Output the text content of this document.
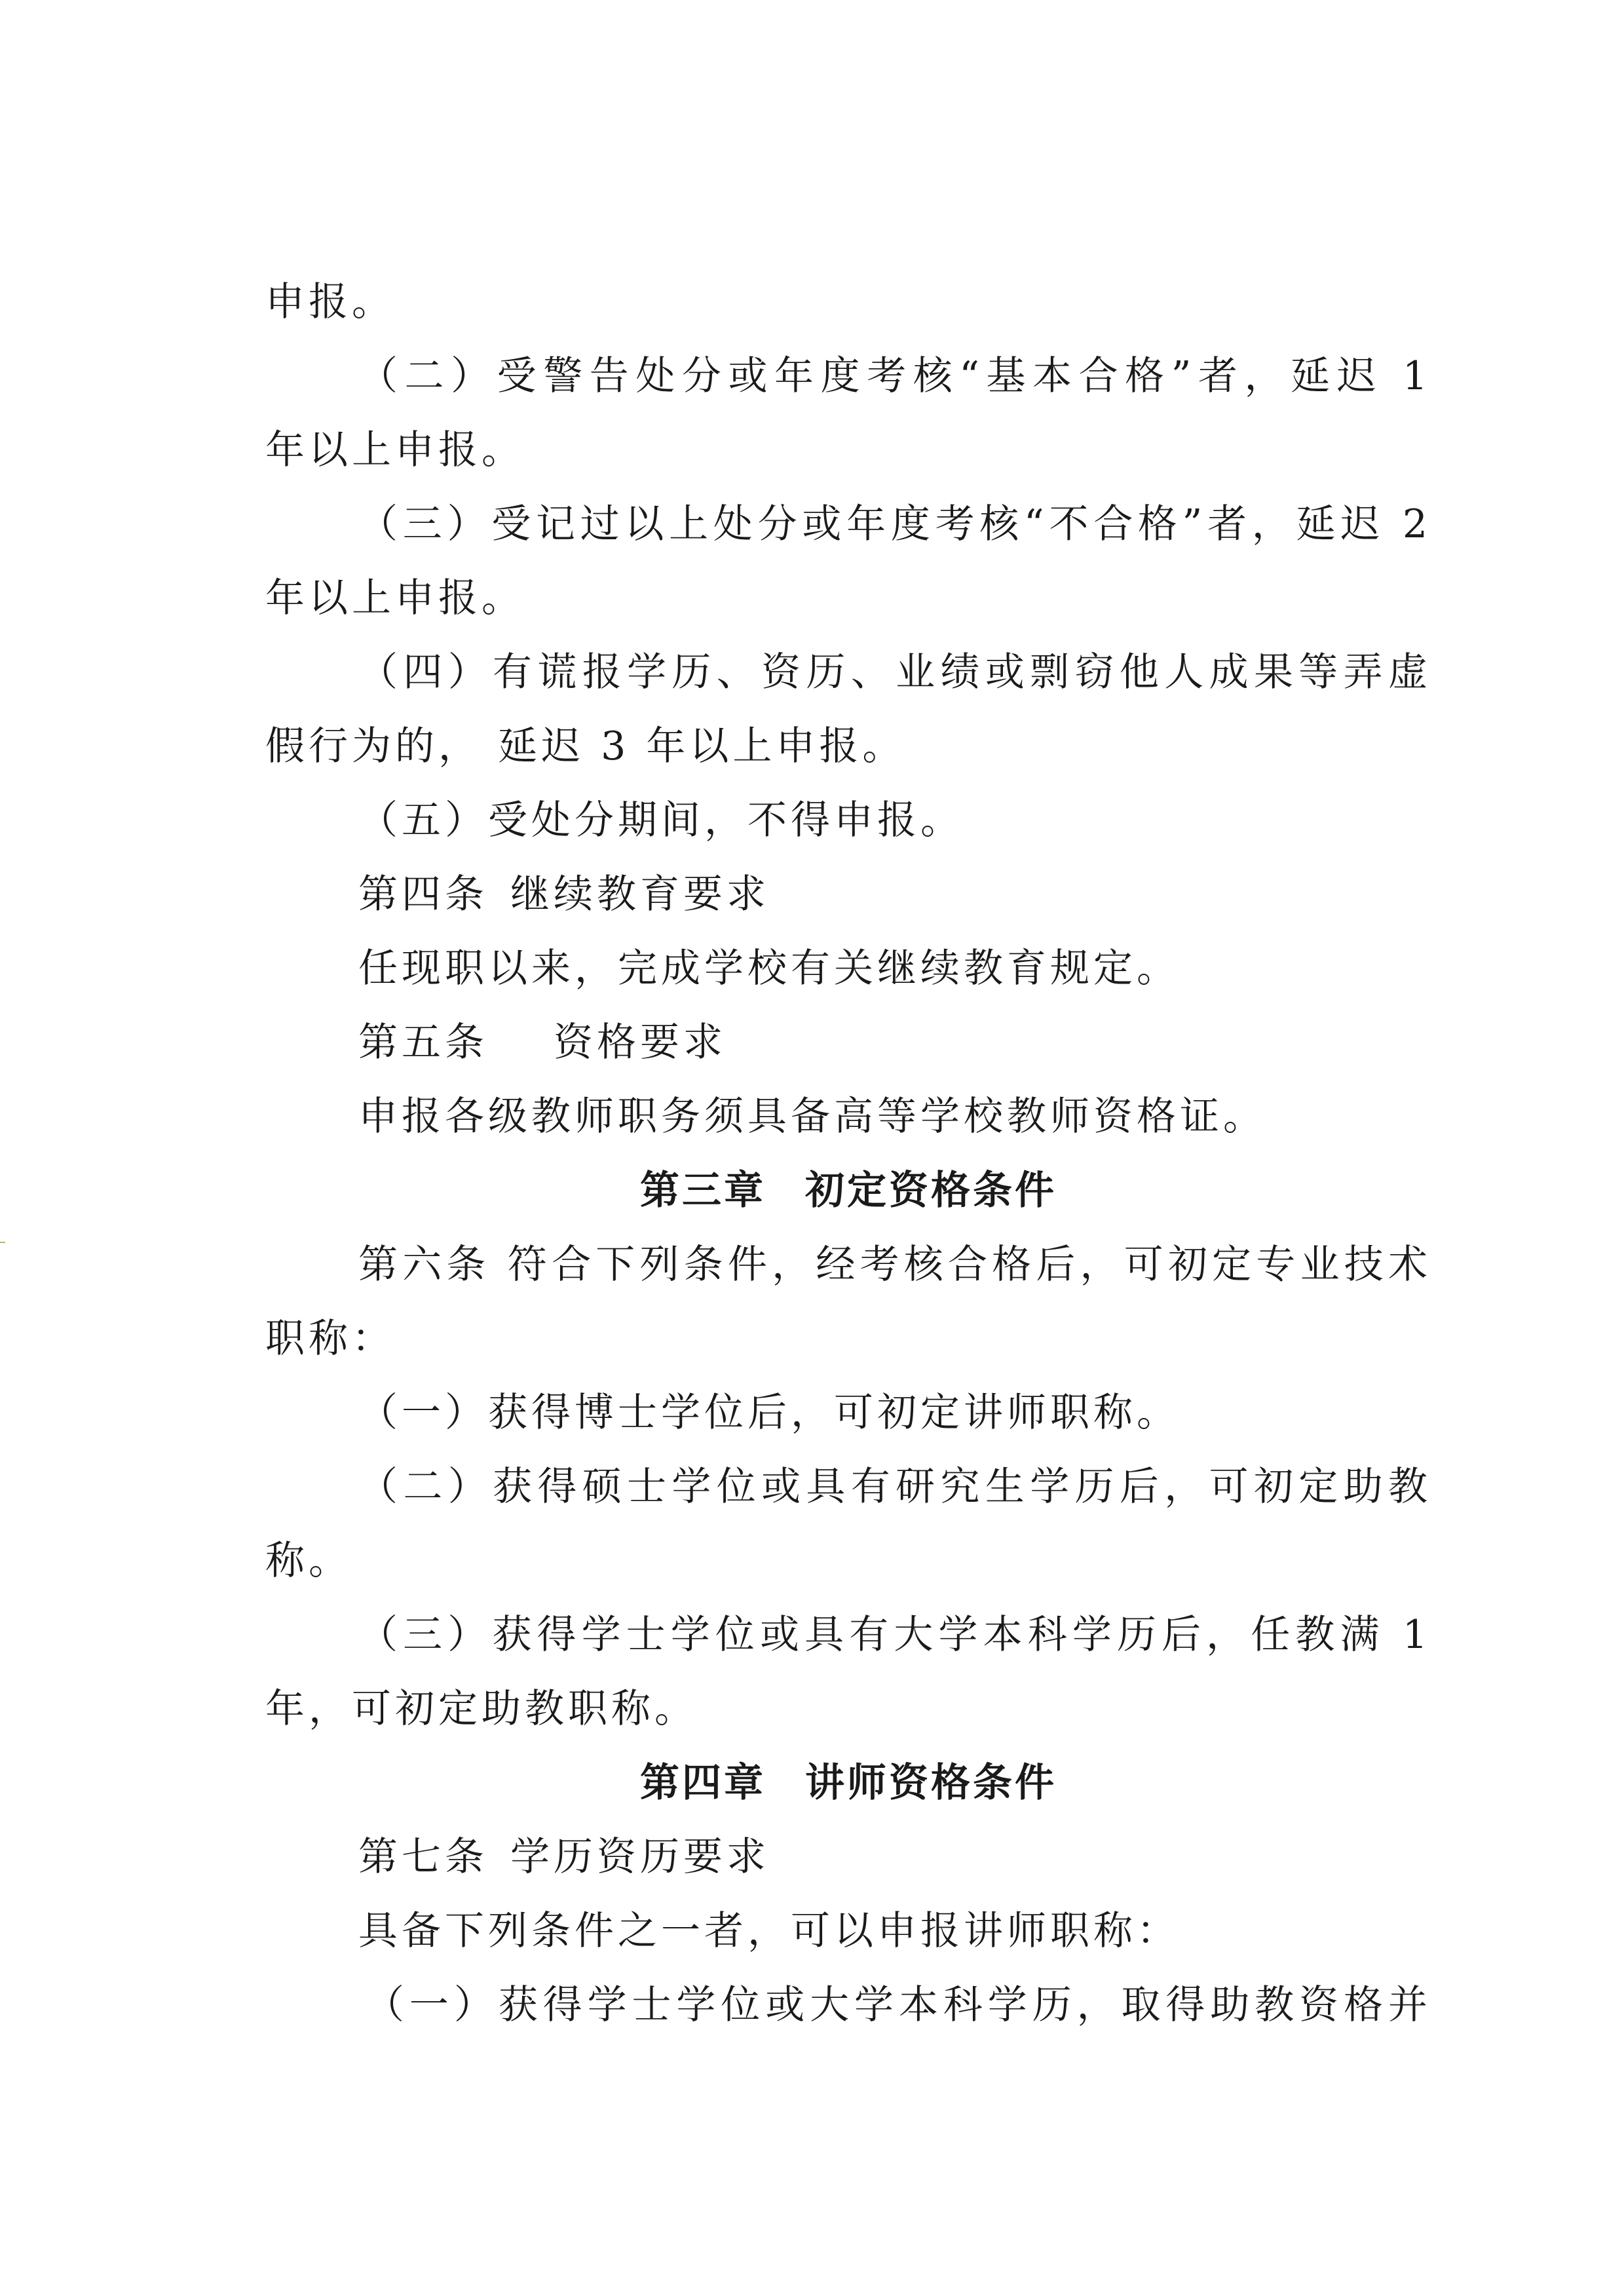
申报。
（二）受警告处分或年度考核“基本合格”者，延迟 1
年以上申报。
（三）受记过以上处分或年度考核“不合格”者，延迟 2
年以上申报。
（四）有谎报学历、资历、业绩或剽窃他人成果等弄虚
假行为的， 延迟 3 年以上申报。
（五）受处分期间，不得申报。
第四条 继续教育要求
任现职以来，完成学校有关继续教育规定。
第五条 资格要求
申报各级教师职务须具备高等学校教师资格证。
第三章 初定资格条件
第六条 符合下列条件，经考核合格后，可初定专业技术
职称：
（一）获得博士学位后，可初定讲师职称。
（二）获得硕士学位或具有研究生学历后，可初定助教
称。
（三）获得学士学位或具有大学本科学历后，任教满 1
年，可初定助教职称。
第四章 讲师资格条件
第七条 学历资历要求
具备下列条件之一者，可以申报讲师职称：
（一）获得学士学位或大学本科学历，取得助教资格并
